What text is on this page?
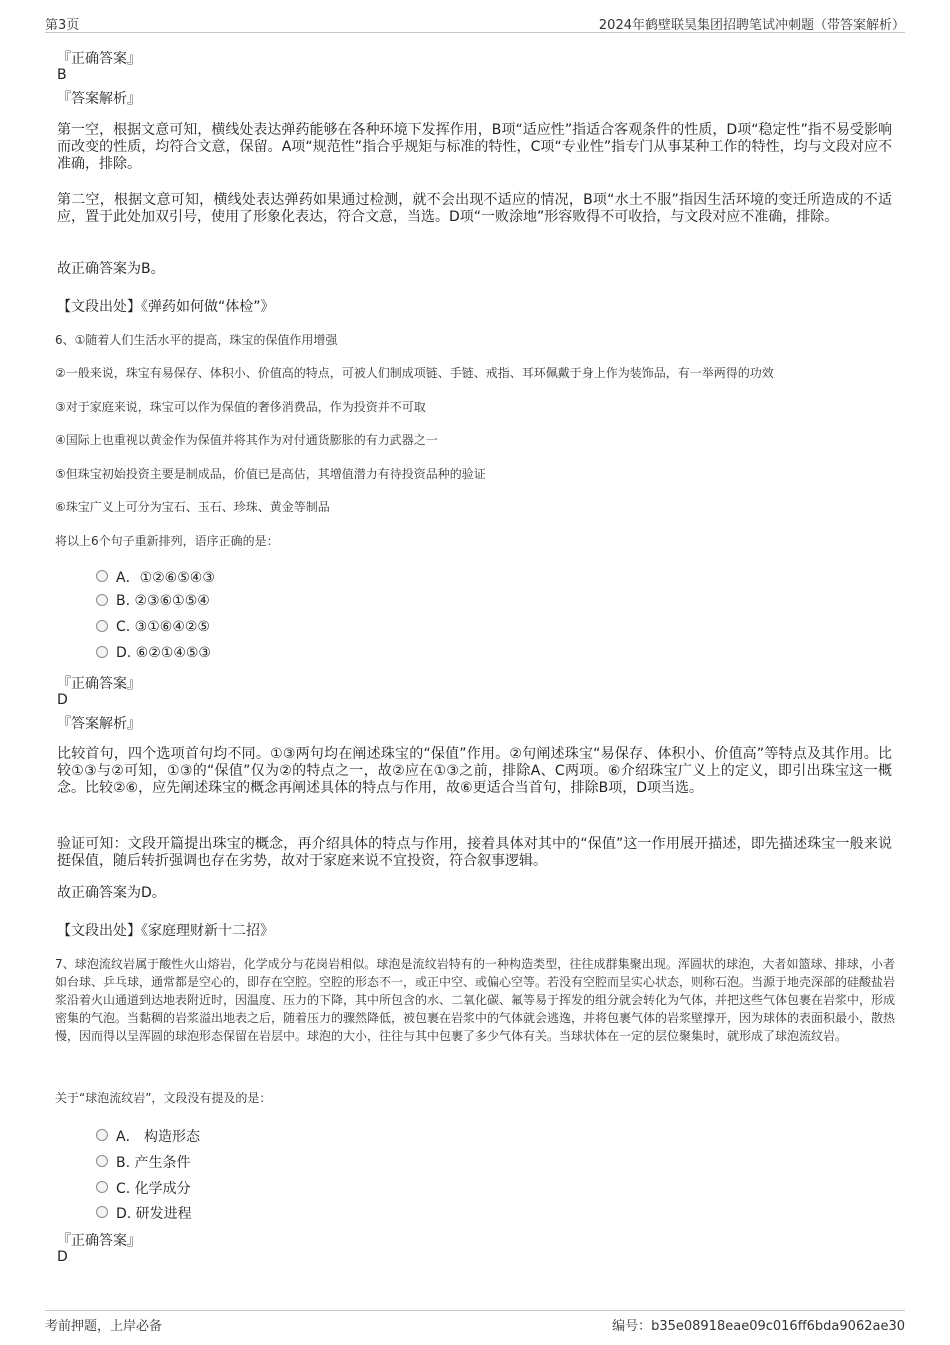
第3页	2024年鹤壁联昊集团招聘笔试冲刺题（带答案解析）
『正确答案』
B
『答案解析』

第一空，根据文意可知，横线处表达弹药能够在各种环境下发挥作用，B项“适应性”指适合客观条件的性质，D项“稳定性”指不易受影响而改变的性质，均符合文意，保留。A项“规范性”指合乎规矩与标准的特性，C项“专业性”指专门从事某种工作的特性，均与文段对应不准确，排除。

第二空，根据文意可知，横线处表达弹药如果通过检测，就不会出现不适应的情况，B项“水土不服”指因生活环境的变迁所造成的不适应，置于此处加双引号，使用了形象化表达，符合文意，当选。D项“一败涂地”形容败得不可收拾，与文段对应不准确，排除。

故正确答案为B。

【文段出处】《弹药如何做“体检”》
6、①随着人们生活水平的提高，珠宝的保值作用增强
②一般来说，珠宝有易保存、体积小、价值高的特点，可被人们制成项链、手链、戒指、耳环佩戴于身上作为装饰品，有一举两得的功效
③对于家庭来说，珠宝可以作为保值的奢侈消费品，作为投资并不可取
④国际上也重视以黄金作为保值并将其作为对付通货膨胀的有力武器之一
⑤但珠宝初始投资主要是制成品，价值已是高估，其增值潜力有待投资品种的验证
⑥珠宝广义上可分为宝石、玉石、珍珠、黄金等制品
将以上6个句子重新排列，语序正确的是：
A．①②⑥⑤④③
B. ②③⑥①⑤④
C. ③①⑥④②⑤
D. ⑥②①④⑤③
『正确答案』
D
『答案解析』

比较首句，四个选项首句均不同。①③两句均在阐述珠宝的“保值”作用。②句阐述珠宝“易保存、体积小、价值高”等特点及其作用。比较①③与②可知，①③的“保值”仅为②的特点之一，故②应在①③之前，排除A、C两项。⑥介绍珠宝广义上的定义，即引出珠宝这一概念。比较②⑥，应先阐述珠宝的概念再阐述具体的特点与作用，故⑥更适合当首句，排除B项，D项当选。

验证可知：文段开篇提出珠宝的概念，再介绍具体的特点与作用，接着具体对其中的“保值”这一作用展开描述，即先描述珠宝一般来说挺保值，随后转折强调也存在劣势，故对于家庭来说不宜投资，符合叙事逻辑。

故正确答案为D。

【文段出处】《家庭理财新十二招》

7、球泡流纹岩属于酸性火山熔岩，化学成分与花岗岩相似。球泡是流纹岩特有的一种构造类型，往往成群集聚出现。浑圆状的球泡，大者如篮球、排球，小者如台球、乒乓球，通常都是空心的，即存在空腔。空腔的形态不一，或正中空、或偏心空等。若没有空腔而呈实心状态，则称石泡。当源于地壳深部的硅酸盐岩浆沿着火山通道到达地表附近时，因温度、压力的下降，其中所包含的水、二氧化碳、氟等易于挥发的组分就会转化为气体，并把这些气体包裹在岩浆中，形成密集的气泡。当黏稠的岩浆溢出地表之后，随着压力的骤然降低，被包裹在岩浆中的气体就会逃逸，并将包裹气体的岩浆壁撑开，因为球体的表面积最小，散热慢，因而得以呈浑圆的球泡形态保留在岩层中。球泡的大小，往往与其中包裹了多少气体有关。当球状体在一定的层位聚集时，就形成了球泡流纹岩。

关于“球泡流纹岩”，文段没有提及的是：
A． 构造形态
B. 产生条件
C. 化学成分
D. 研发进程
『正确答案』
D
考前押题，上岸必备	编号：b35e08918eae09c016ff6bda9062ae30
